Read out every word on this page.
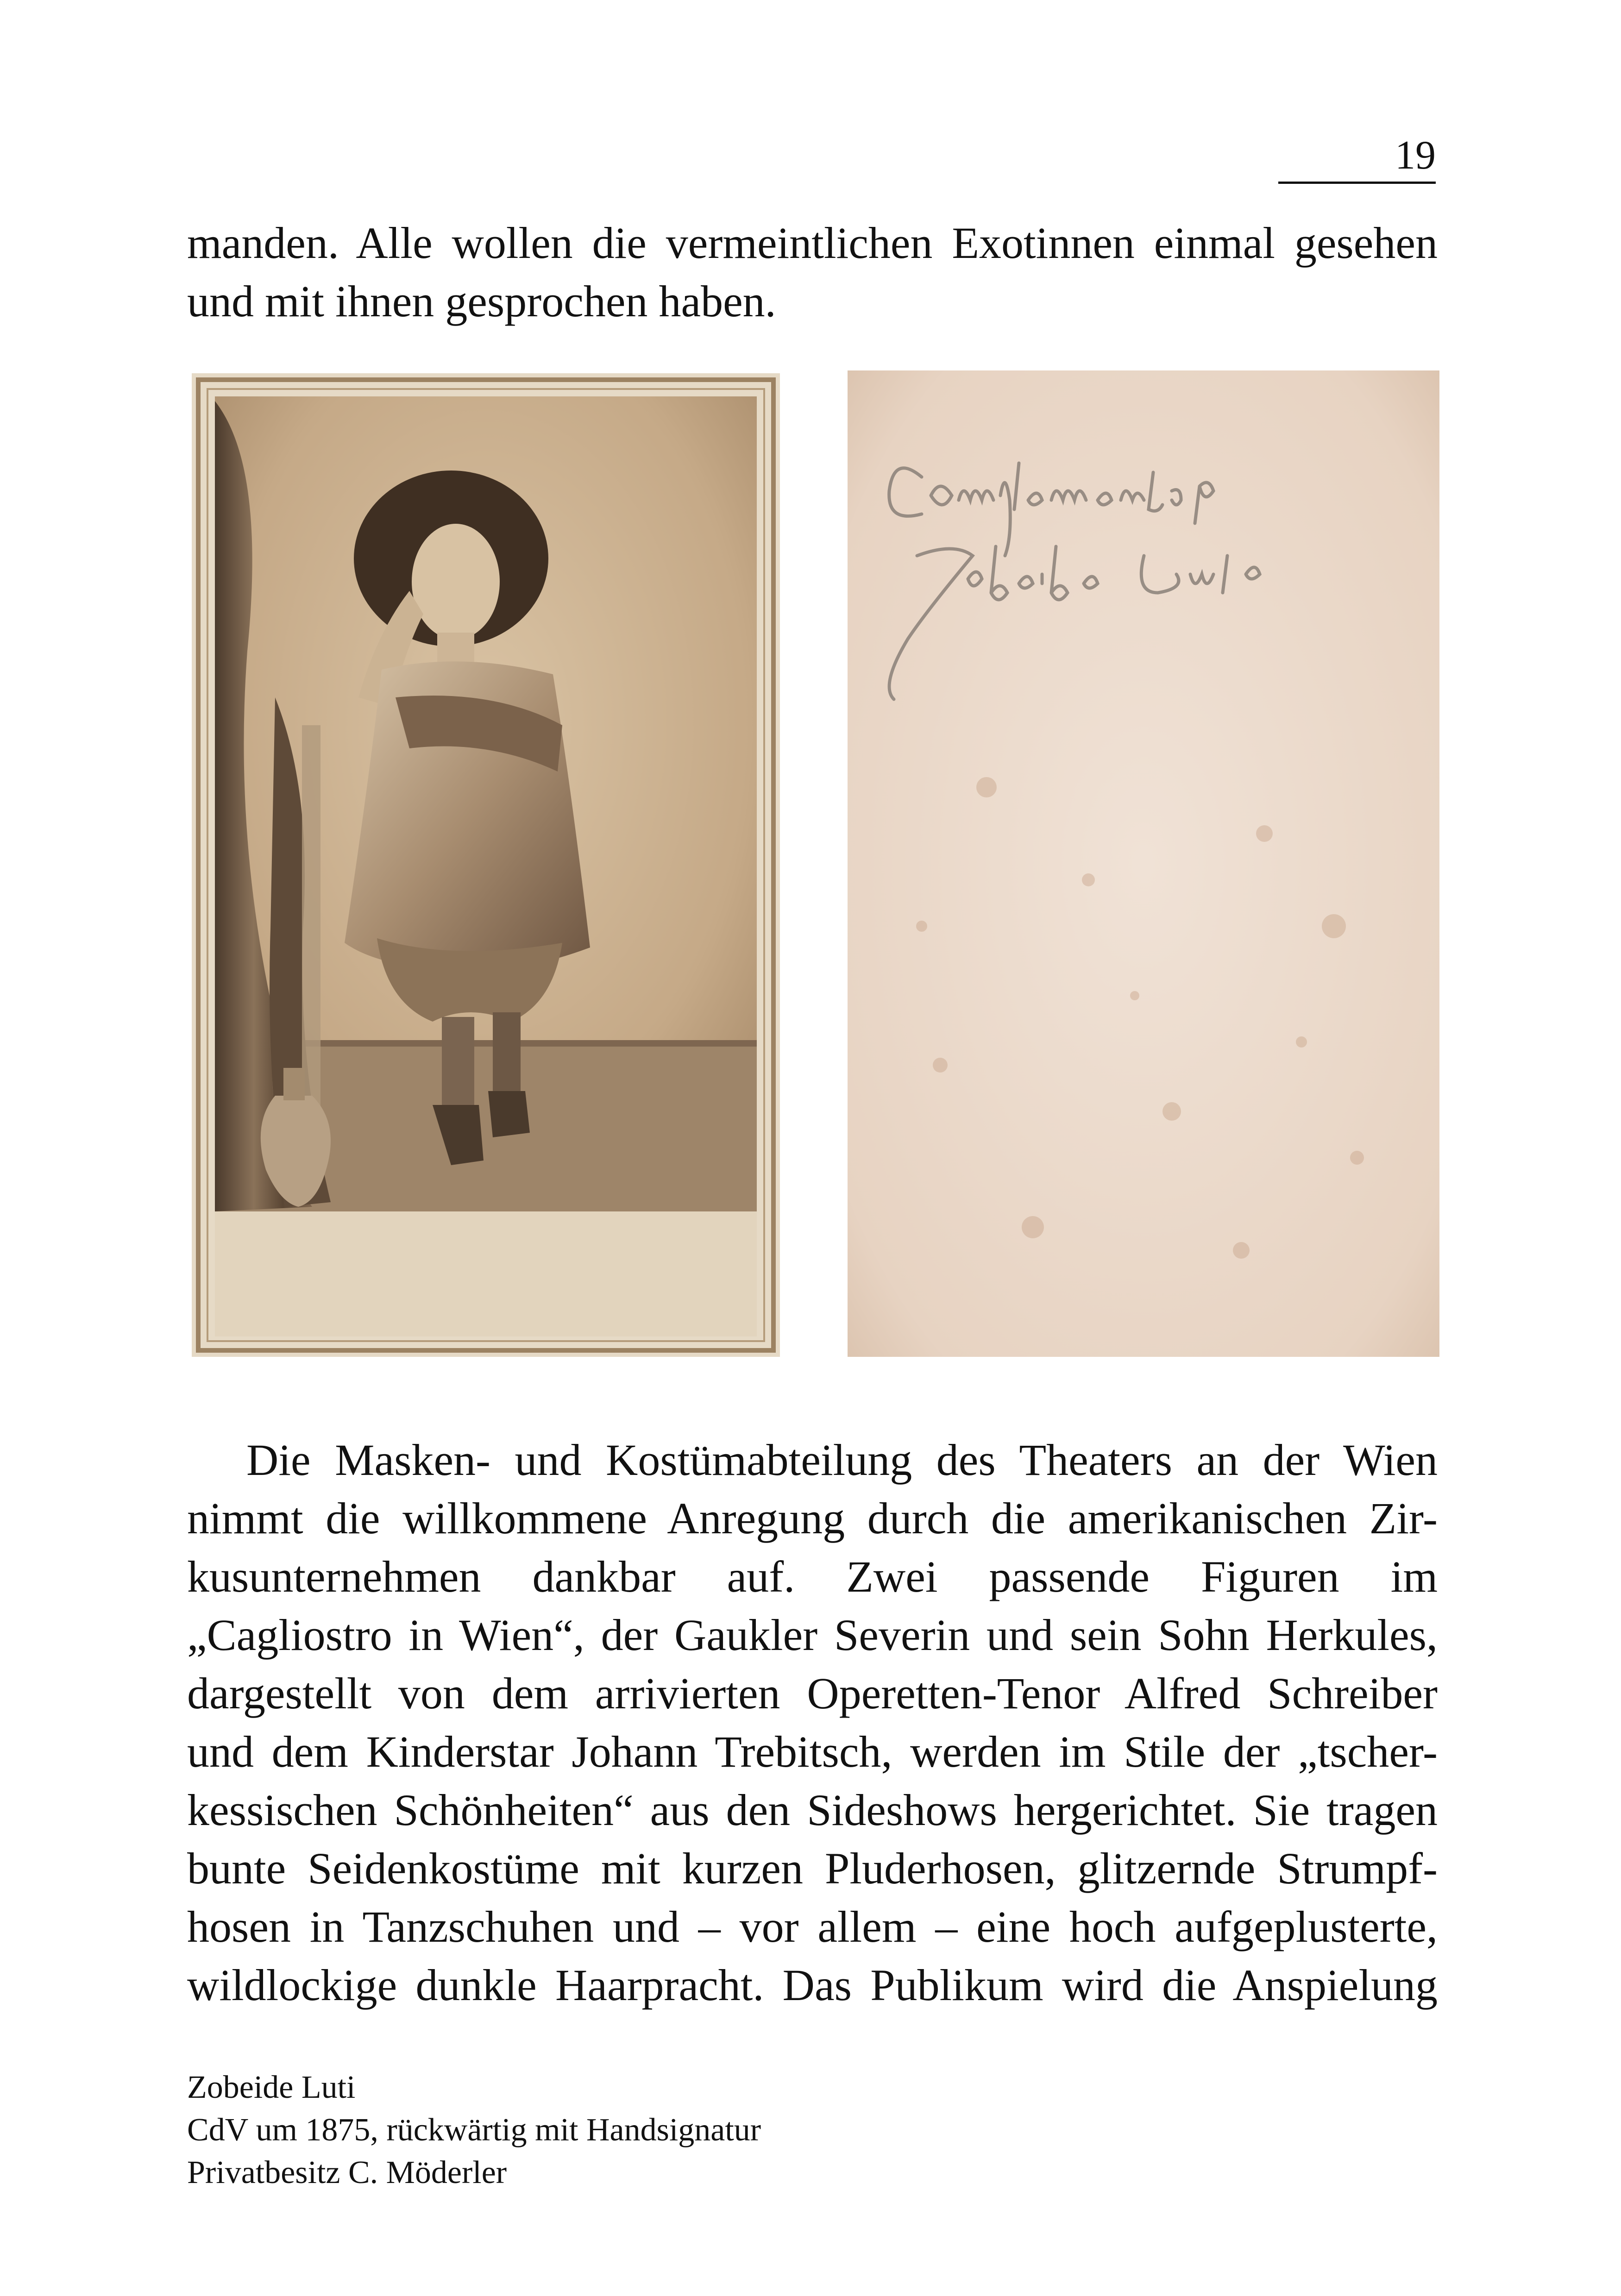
19

manden. Alle wollen die vermeintlichen Exotinnen einmal gesehen
und mit ihnen gesprochen haben.

Die Masken- und Kostümabteilung des Theaters an der Wien
nimmt die willkommene Anregung durch die amerikanischen Zir-
kusunternehmen dankbar auf. Zwei passende Figuren im
„Cagliostro in Wien“, der Gaukler Severin und sein Sohn Herkules,
dargestellt von dem arrivierten Operetten-Tenor Alfred Schreiber
und dem Kinderstar Johann Trebitsch, werden im Stile der „tscher-
kessischen Schönheiten“ aus den Sideshows hergerichtet. Sie tragen
bunte Seidenkostüme mit kurzen Pluderhosen, glitzernde Strumpf-
hosen in Tanzschuhen und – vor allem – eine hoch aufgeplusterte,
wildlockige dunkle Haarpracht. Das Publikum wird die Anspielung

Zobeide Luti
CdV um 1875, rückwärtig mit Handsignatur
Privatbesitz C. Möderler
